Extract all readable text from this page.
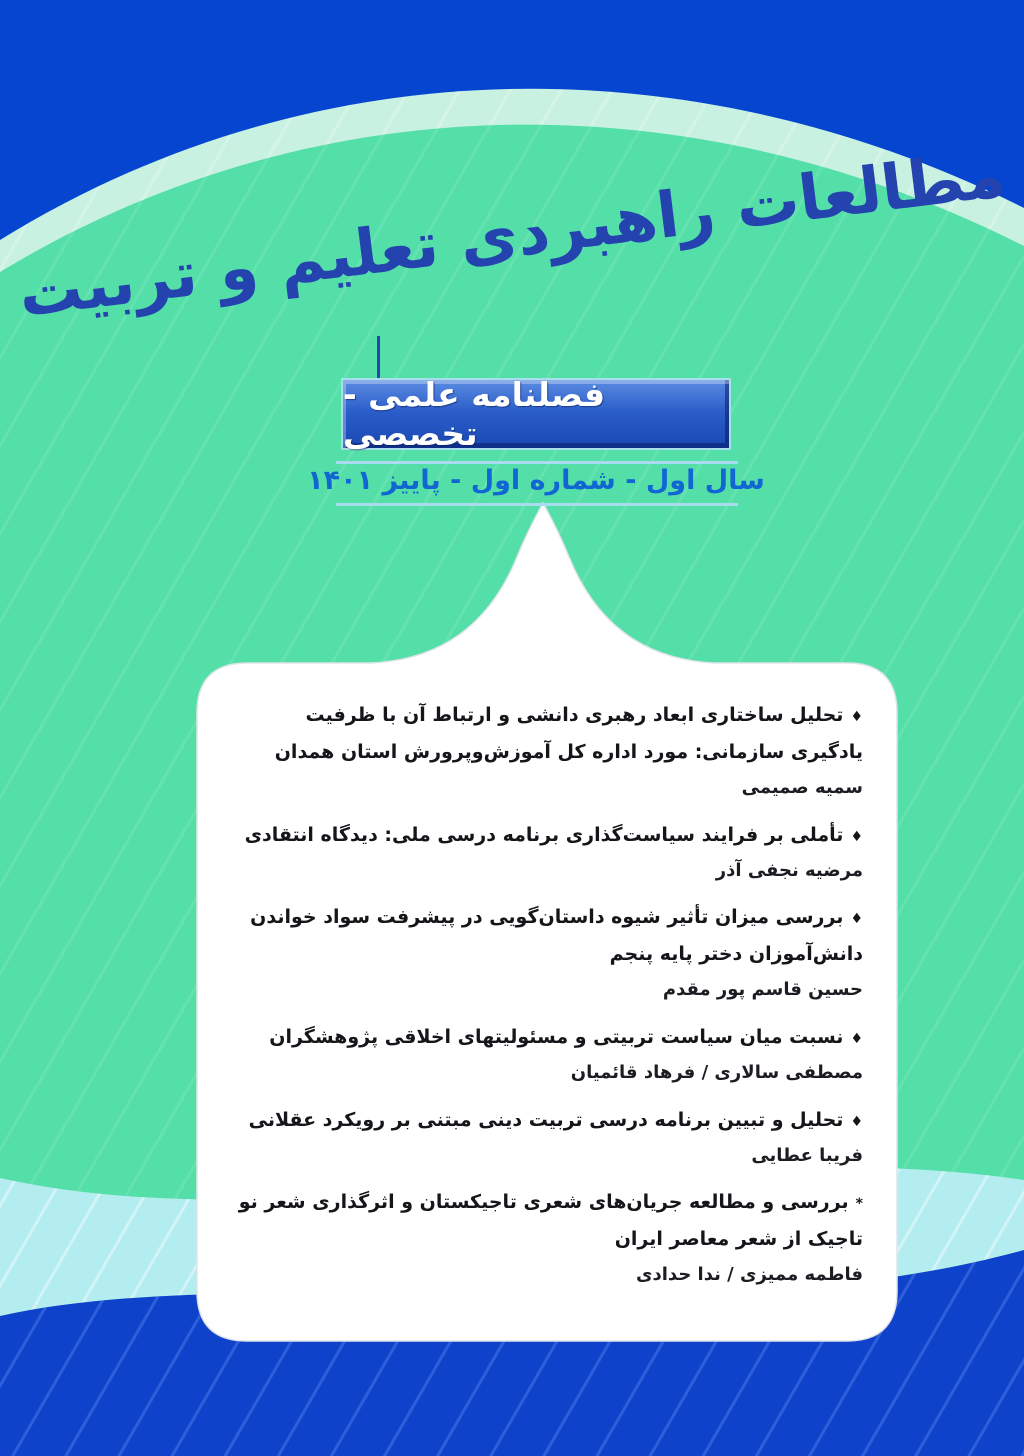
مطالعات راهبردی تعلیم و تربیت
فصلنامه علمی - تخصصی
سال اول - شماره اول - پاییز ۱۴۰۱
♦تحلیل ساختاری ابعاد رهبری دانشی و ارتباط آن با ظرفیت یادگیری سازمانی: مورد اداره کل آموزش‌وپرورش استان همدان
سمیه صمیمی
♦تأملی بر فرایند سیاست‌گذاری برنامه درسی ملی: دیدگاه انتقادی
مرضیه نجفی آذر
♦بررسی میزان تأثیر شیوه داستان‌گویی در پیشرفت سواد خواندن دانش‌آموزان دختر پایه پنجم
حسین قاسم پور مقدم
♦نسبت میان سیاست تربیتی و مسئولیتهای اخلاقی پژوهشگران
مصطفی سالاری / فرهاد قائمیان
♦تحلیل و تبیین برنامه درسی تربیت دینی مبتنی بر رویکرد عقلانی
فریبا عطایی
*بررسی و مطالعه جریان‌های شعری تاجیکستان و اثرگذاری شعر نو تاجیک از شعر معاصر ایران
فاطمه ممیزی / ندا حدادی
